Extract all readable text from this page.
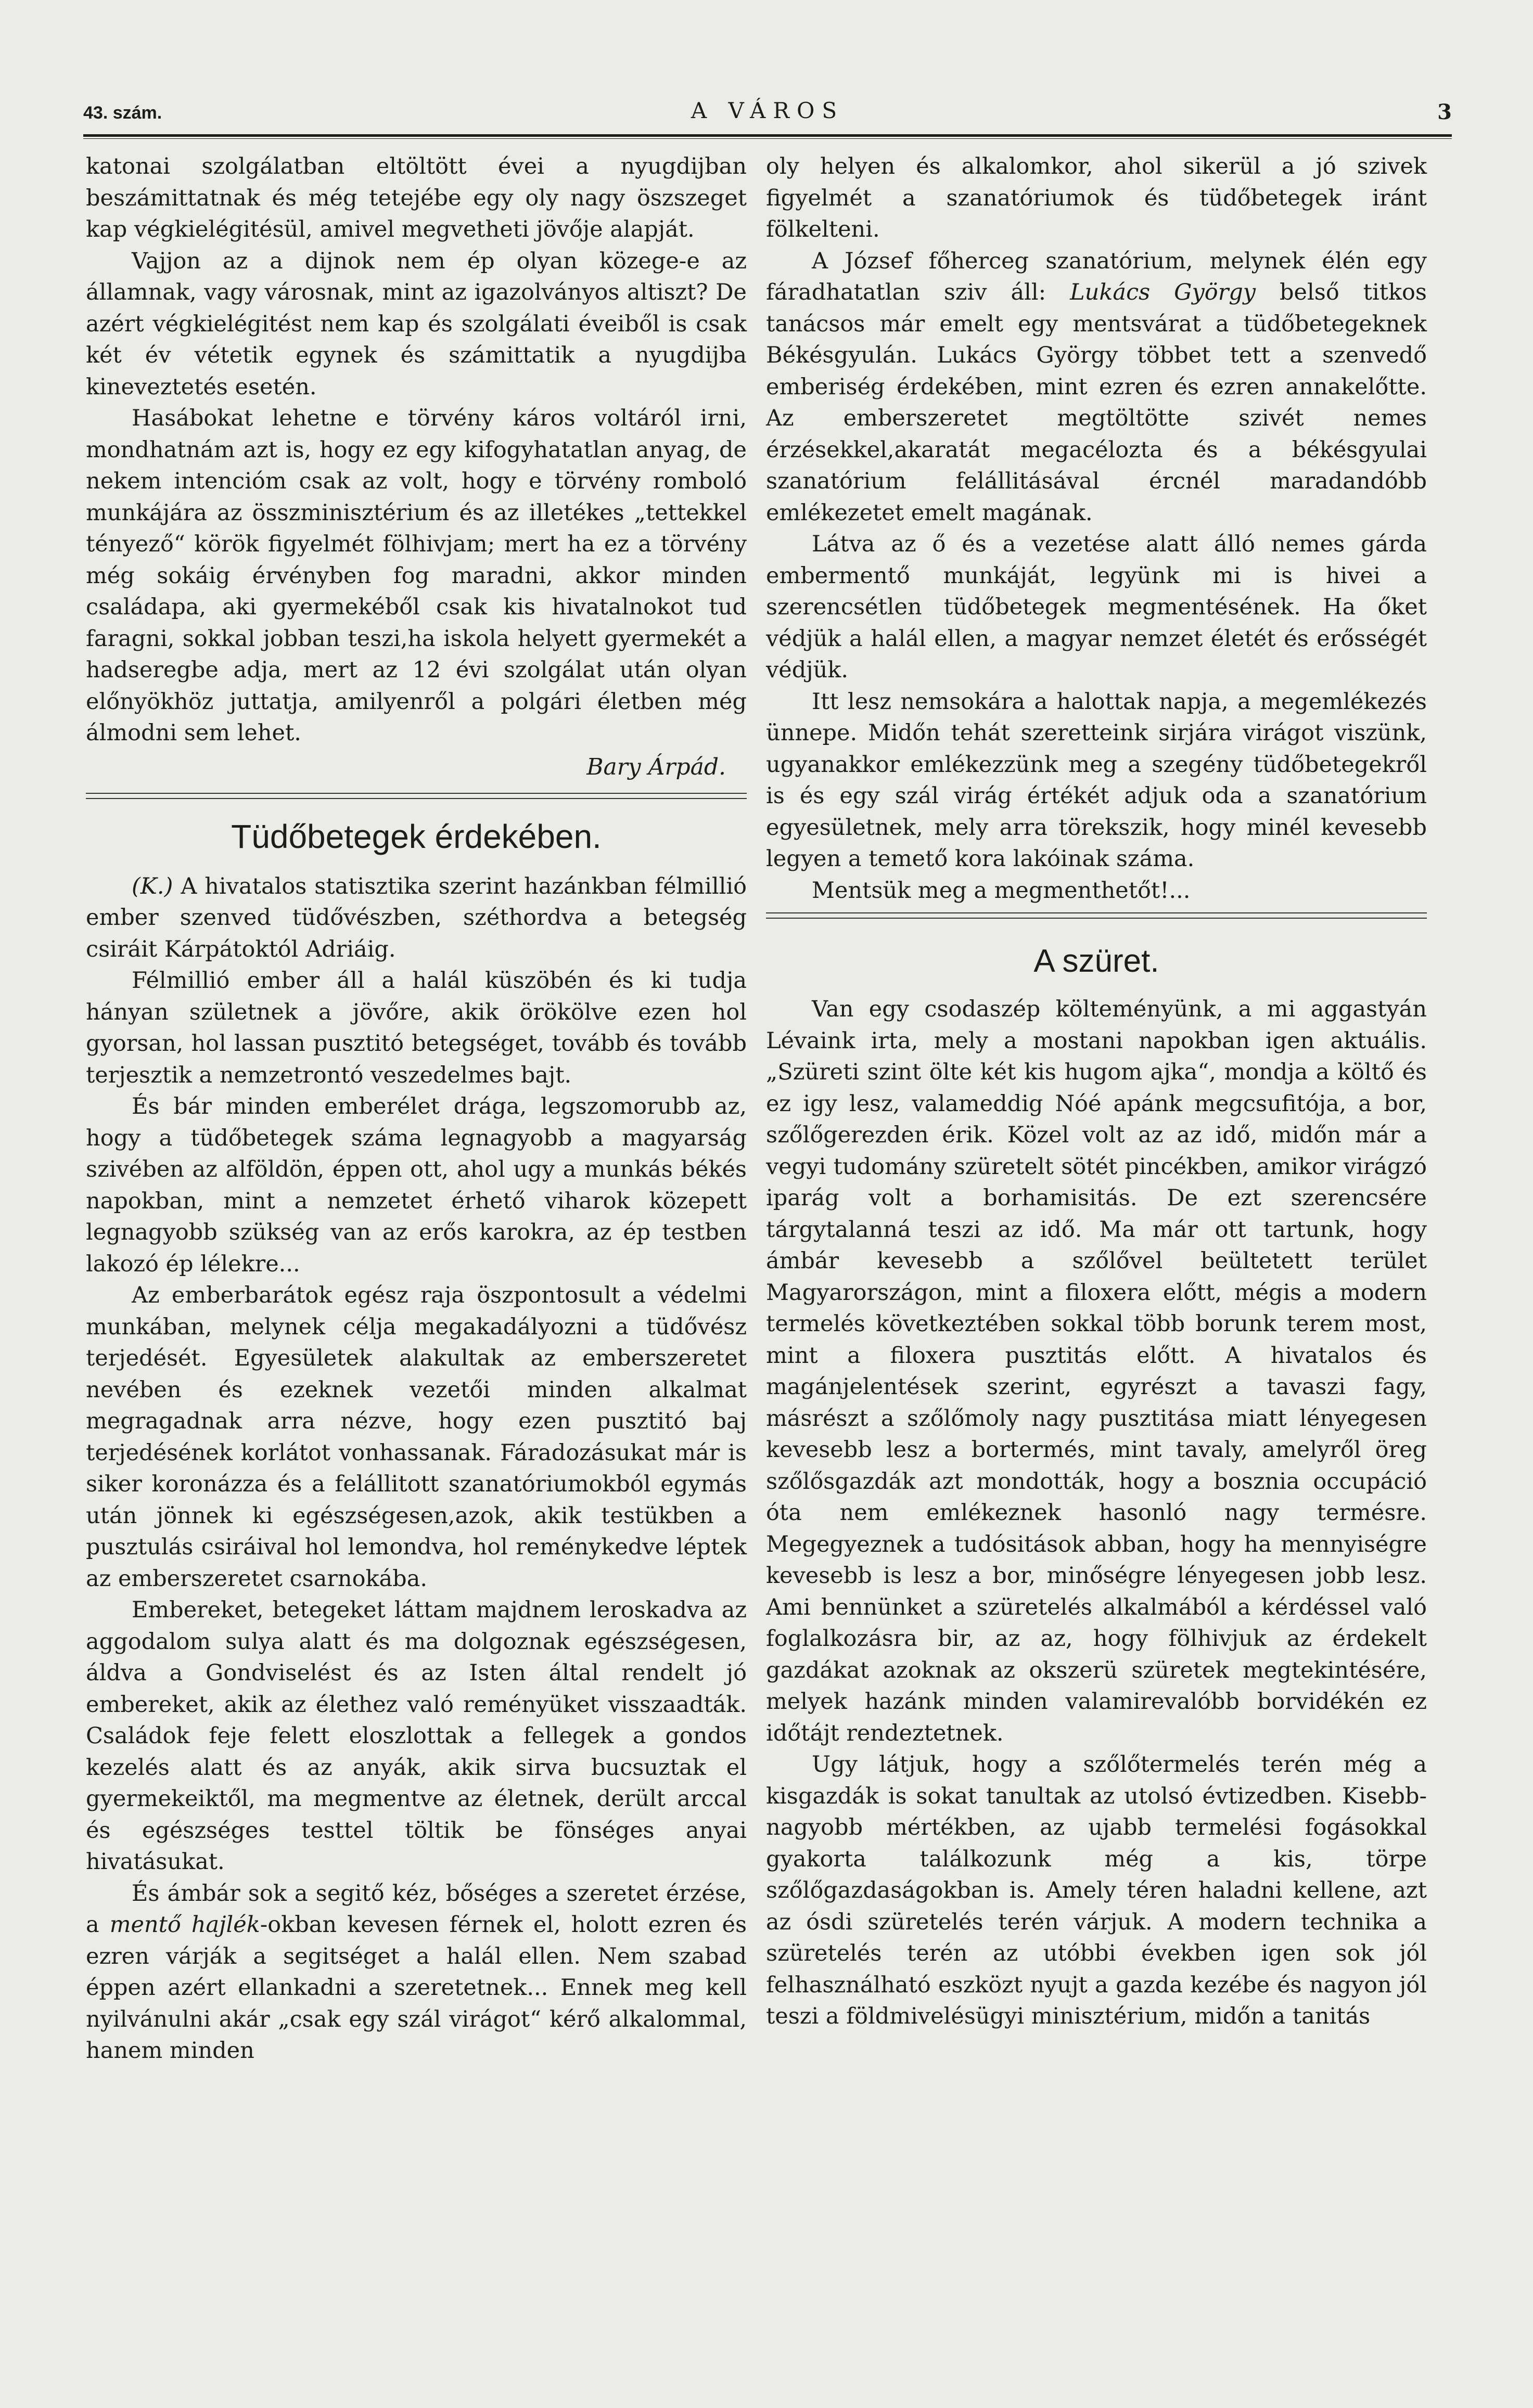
43. szám.	A VÁROS	3

katonai szolgálatban eltöltött évei a nyugdijban beszámittatnak és még tetejébe egy oly nagy öszszeget kap végkielégitésül, amivel megvetheti jövője alapját.

Vajjon az a dijnok nem ép olyan közege-e az államnak, vagy városnak, mint az igazolványos altiszt? De azért végkielégitést nem kap és szolgálati éveiből is csak két év vétetik egynek és számittatik a nyugdijba kineveztetés esetén.

Hasábokat lehetne e törvény káros voltáról irni, mondhatnám azt is, hogy ez egy kifogyhatatlan anyag, de nekem intencióm csak az volt, hogy e törvény romboló munkájára az összminisztérium és az illetékes „tettekkel tényező“ körök figyelmét fölhivjam; mert ha ez a törvény még sokáig érvényben fog maradni, akkor minden családapa, aki gyermekéből csak kis hivatalnokot tud faragni, sokkal jobban teszi,ha iskola helyett gyermekét a hadseregbe adja, mert az 12 évi szolgálat után olyan előnyökhöz juttatja, amilyenről a polgári életben még álmodni sem lehet.

Bary Árpád.
Tüdőbetegek érdekében.

(K.) A hivatalos statisztika szerint hazánkban félmillió ember szenved tüdővészben, széthordva a betegség csiráit Kárpátoktól Adriáig.

Félmillió ember áll a halál küszöbén és ki tudja hányan születnek a jövőre, akik örökölve ezen hol gyorsan, hol lassan pusztitó betegséget, tovább és tovább terjesztik a nemzetrontó veszedelmes bajt.

És bár minden emberélet drága, legszomorubb az, hogy a tüdőbetegek száma legnagyobb a magyarság szivében az alföldön, éppen ott, ahol ugy a munkás békés napokban, mint a nemzetet érhető viharok közepett legnagyobb szükség van az erős karokra, az ép testben lakozó ép lélekre...

Az emberbarátok egész raja öszpontosult a védelmi munkában, melynek célja megakadályozni a tüdővész terjedését. Egyesületek alakultak az emberszeretet nevében és ezeknek vezetői minden alkalmat megragadnak arra nézve, hogy ezen pusztitó baj terjedésének korlátot vonhassanak. Fáradozásukat már is siker koronázza és a felállitott szanatóriumokból egymás után jönnek ki egészségesen,azok, akik testükben a pusztulás csiráival hol lemondva, hol reménykedve léptek az emberszeretet csarnokába.

Embereket, betegeket láttam majdnem leroskadva az aggodalom sulya alatt és ma dolgoznak egészségesen, áldva a Gondviselést és az Isten által rendelt jó embereket, akik az élethez való reményüket visszaadták. Családok feje felett eloszlottak a fellegek a gondos kezelés alatt és az anyák, akik sirva bucsuztak el gyermekeiktől, ma megmentve az életnek, derült arccal és egészséges testtel töltik be fönséges anyai hivatásukat.

És ámbár sok a segitő kéz, bőséges a szeretet érzése, a mentő hajlék-okban kevesen férnek el, holott ezren és ezren várják a segitséget a halál ellen. Nem szabad éppen azért ellankadni a szeretetnek... Ennek meg kell nyilvánulni akár „csak egy szál virágot“ kérő alkalommal, hanem minden

oly helyen és alkalomkor, ahol sikerül a jó szivek figyelmét a szanatóriumok és tüdőbetegek iránt fölkelteni.

A József főherceg szanatórium, melynek élén egy fáradhatatlan sziv áll: Lukács György belső titkos tanácsos már emelt egy mentsvárat a tüdőbetegeknek Békésgyulán. Lukács György többet tett a szenvedő emberiség érdekében, mint ezren és ezren annakelőtte. Az emberszeretet megtöltötte szivét nemes érzésekkel,akaratát megacélozta és a békésgyulai szanatórium felállitásával ércnél maradandóbb emlékezetet emelt magának.

Látva az ő és a vezetése alatt álló nemes gárda embermentő munkáját, legyünk mi is hivei a szerencsétlen tüdőbetegek megmentésének. Ha őket védjük a halál ellen, a magyar nemzet életét és erősségét védjük.

Itt lesz nemsokára a halottak napja, a megemlékezés ünnepe. Midőn tehát szeretteink sirjára virágot viszünk, ugyanakkor emlékezzünk meg a szegény tüdőbetegekről is és egy szál virág értékét adjuk oda a szanatórium egyesületnek, mely arra törekszik, hogy minél kevesebb legyen a temető kora lakóinak száma.

Mentsük meg a megmenthetőt!...

A szüret.

Van egy csodaszép költeményünk, a mi aggastyán Lévaink irta, mely a mostani napokban igen aktuális. „Szüreti szint ölte két kis hugom ajka“, mondja a költő és ez igy lesz, valameddig Nóé apánk megcsufitója, a bor, szőlőgerezden érik. Közel volt az az idő, midőn már a vegyi tudomány szüretelt sötét pincékben, amikor virágzó iparág volt a borhamisitás. De ezt szerencsére tárgytalanná teszi az idő. Ma már ott tartunk, hogy ámbár kevesebb a szőlővel beültetett terület Magyarországon, mint a filoxera előtt, mégis a modern termelés következtében sokkal több borunk terem most, mint a filoxera pusztitás előtt. A hivatalos és magánjelentések szerint, egyrészt a tavaszi fagy, másrészt a szőlőmoly nagy pusztitása miatt lényegesen kevesebb lesz a bortermés, mint tavaly, amelyről öreg szőlősgazdák azt mondották, hogy a bosznia occupáció óta nem emlékeznek hasonló nagy termésre. Megegyeznek a tudósitások abban, hogy ha mennyiségre kevesebb is lesz a bor, minőségre lényegesen jobb lesz. Ami bennünket a szüretelés alkalmából a kérdéssel való foglalkozásra bir, az az, hogy fölhivjuk az érdekelt gazdákat azoknak az okszerü szüretek megtekintésére, melyek hazánk minden valamirevalóbb borvidékén ez időtájt rendeztetnek.

Ugy látjuk, hogy a szőlőtermelés terén még a kisgazdák is sokat tanultak az utolsó évtizedben. Kisebb-nagyobb mértékben, az ujabb termelési fogásokkal gyakorta találkozunk még a kis, törpe szőlőgazdaságokban is. Amely téren haladni kellene, azt az ósdi szüretelés terén várjuk. A modern technika a szüretelés terén az utóbbi években igen sok jól felhasználható eszközt nyujt a gazda kezébe és nagyon jól teszi a földmivelésügyi minisztérium, midőn a tanitás
